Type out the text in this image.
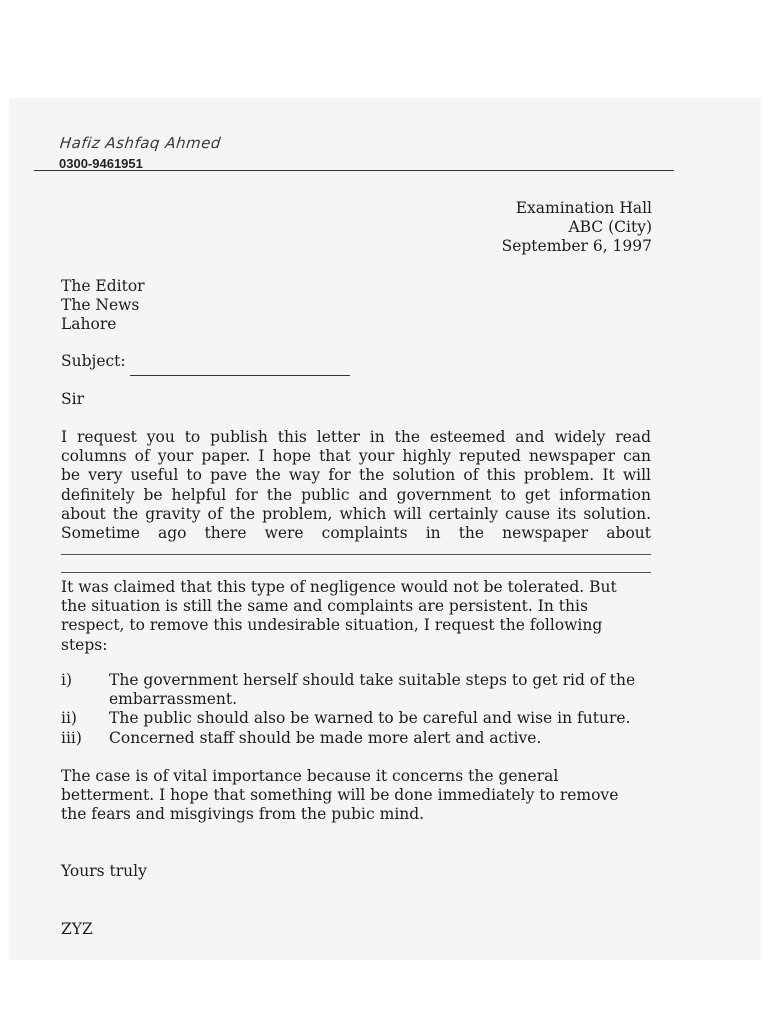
Hafiz Ashfaq Ahmed
0300-9461951
Examination Hall
ABC (City)
September 6, 1997
The Editor
The News
Lahore
Subject:
Sir
I request you to publish this letter in the esteemed and widely read
columns of your paper. I hope that your highly reputed newspaper can
be very useful to pave the way for the solution of this problem. It will
definitely be helpful for the public and government to get information
about the gravity of the problem, which will certainly cause its solution.
Sometime ago there were complaints in the newspaper about
It was claimed that this type of negligence would not be tolerated. But
the situation is still the same and complaints are persistent. In this
respect, to remove this undesirable situation, I request the following
steps:
i)	The government herself should take suitable steps to get rid of the
embarrassment.
ii)	The public should also be warned to be careful and wise in future.
iii)	Concerned staff should be made more alert and active.
The case is of vital importance because it concerns the general
betterment. I hope that something will be done immediately to remove
the fears and misgivings from the pubic mind.
Yours truly
ZYZ
